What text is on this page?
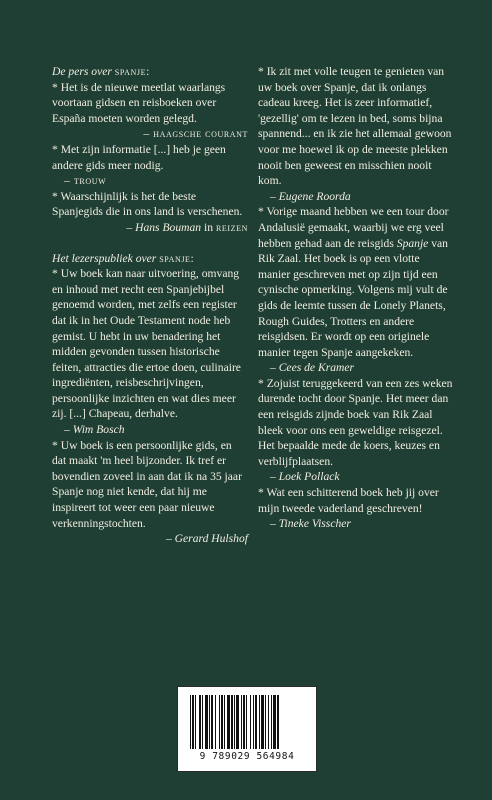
De pers over spanje:

* Het is de nieuwe meetlat waarlangs voortaan gidsen en reisboeken over España moeten worden gelegd.

– haagsche courant

* Met zijn informatie [...] heb je geen andere gids meer nodig.

– trouw

* Waarschijnlijk is het de beste Spanjegids die in ons land is verschenen.

– Hans Bouman in reizen

Het lezerspubliek over spanje:

* Uw boek kan naar uitvoering, omvang en inhoud met recht een Spanjebijbel genoemd worden, met zelfs een register dat ik in het Oude Testament node heb gemist. U hebt in uw benadering het midden gevonden tussen historische feiten, attracties die ertoe doen, culinaire ingrediënten, reisbeschrijvingen, persoonlijke inzichten en wat dies meer zij. [...] Chapeau, derhalve.

– Wim Bosch

* Uw boek is een persoonlijke gids, en dat maakt 'm heel bijzonder. Ik tref er bovendien zoveel in aan dat ik na 35 jaar Spanje nog niet kende, dat hij me inspireert tot weer een paar nieuwe verkenningstochten.

– Gerard Hulshof

* Ik zit met volle teugen te genieten van uw boek over Spanje, dat ik onlangs cadeau kreeg. Het is zeer informatief, 'gezellig' om te lezen in bed, soms bijna spannend... en ik zie het allemaal gewoon voor me hoewel ik op de meeste plekken nooit ben geweest en misschien nooit kom.

– Eugene Roorda

* Vorige maand hebben we een tour door Andalusië gemaakt, waarbij we erg veel hebben gehad aan de reisgids Spanje van Rik Zaal. Het boek is op een vlotte manier geschreven met op zijn tijd een cynische opmerking. Volgens mij vult de gids de leemte tussen de Lonely Planets, Rough Guides, Trotters en andere reisgidsen. Er wordt op een originele manier tegen Spanje aangekeken.

– Cees de Kramer

* Zojuist teruggekeerd van een zes weken durende tocht door Spanje. Het meer dan een reisgids zijnde boek van Rik Zaal bleek voor ons een geweldige reisgezel. Het bepaalde mede de koers, keuzes en verblijfplaatsen.

– Loek Pollack

* Wat een schitterend boek heb jij over mijn tweede vaderland geschreven!

– Tineke Visscher

9 789029 564984
